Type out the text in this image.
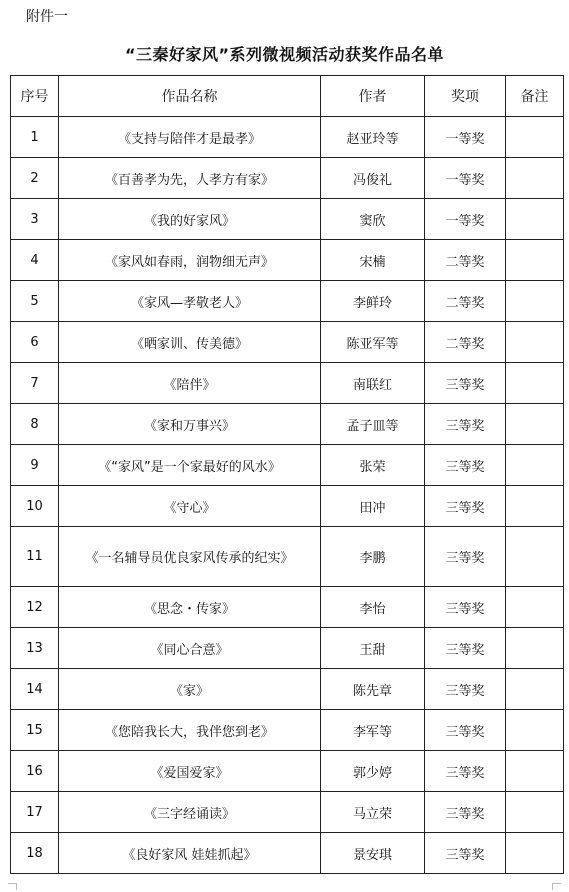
附件一
“三秦好家风”系列微视频活动获奖作品名单
序号	作品名称	作者	奖项	备注
1	《支持与陪伴才是最孝》	赵亚玲等	一等奖	
2	《百善孝为先，人孝方有家》	冯俊礼	一等奖	
3	《我的好家风》	窦欣	一等奖	
4	《家风如春雨，润物细无声》	宋楠	二等奖	
5	《家风—孝敬老人》	李鲜玲	二等奖	
6	《晒家训、传美德》	陈亚军等	二等奖	
7	《陪伴》	南联红	三等奖	
8	《家和万事兴》	孟子皿等	三等奖	
9	《“家风”是一个家最好的风水》	张荣	三等奖	
10	《守心》	田冲	三等奖	
11	《一名辅导员优良家风传承的纪实》	李鹏	三等奖	
12	《思念・传家》	李怡	三等奖	
13	《同心合意》	王甜	三等奖	
14	《家》	陈先章	三等奖	
15	《您陪我长大，我伴您到老》	李军等	三等奖	
16	《爱国爱家》	郭少婷	三等奖	
17	《三字经诵读》	马立荣	三等奖	
18	《良好家风 娃娃抓起》	景安琪	三等奖	
